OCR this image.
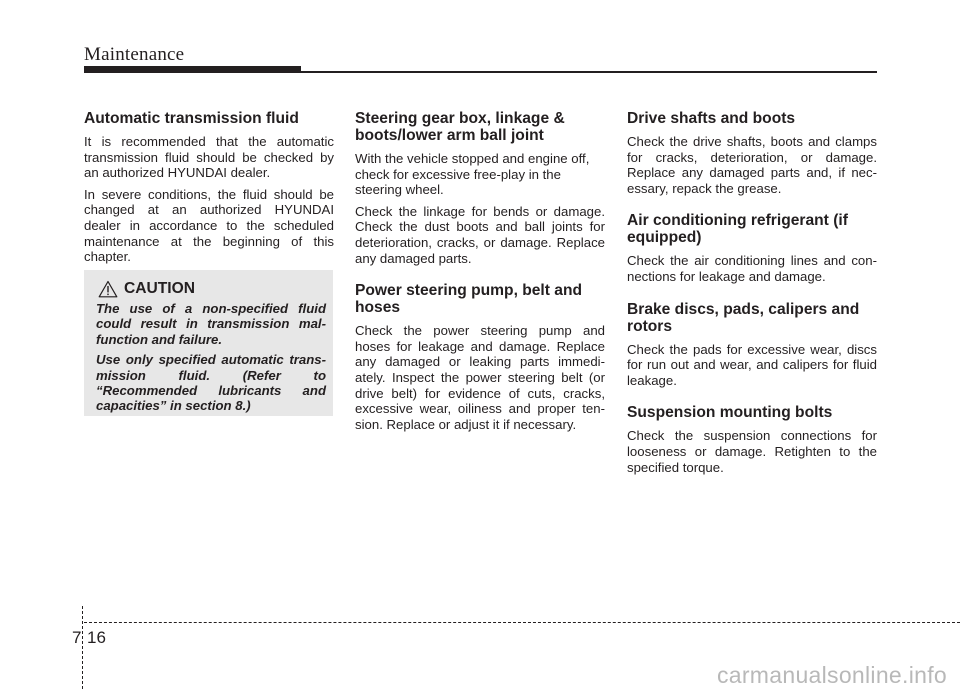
Maintenance
Automatic transmission fluid

It is recommended that the automatic transmission fluid should be checked by an authorized HYUNDAI dealer.

In severe conditions, the fluid should be changed at an authorized HYUNDAI dealer in accordance to the scheduled maintenance at the beginning of this chapter.

CAUTION

The use of a non-specified fluid could result in transmission mal- function and failure.

Use only specified automatic trans- mission fluid. (Refer to “Recommended lubricants and capacities” in section 8.)

Steering gear box, linkage & boots/lower arm ball joint

With the vehicle stopped and engine off, check for excessive free-play in the steering wheel.

Check the linkage for bends or damage. Check the dust boots and ball joints for deterioration, cracks, or damage. Replace any damaged parts.

Power steering pump, belt and hoses

Check the power steering pump and hoses for leakage and damage. Replace any damaged or leaking parts immedi- ately. Inspect the power steering belt (or drive belt) for evidence of cuts, cracks, excessive wear, oiliness and proper ten- sion. Replace or adjust it if necessary.

Drive shafts and boots

Check the drive shafts, boots and clamps for cracks, deterioration, or damage. Replace any damaged parts and, if nec- essary, repack the grease.

Air conditioning refrigerant (if equipped)

Check the air conditioning lines and con- nections for leakage and damage.

Brake discs, pads, calipers and rotors

Check the pads for excessive wear, discs for run out and wear, and calipers for fluid leakage.

Suspension mounting bolts

Check the suspension connections for looseness or damage. Retighten to the specified torque.

7 16
carmanualsonline.info
